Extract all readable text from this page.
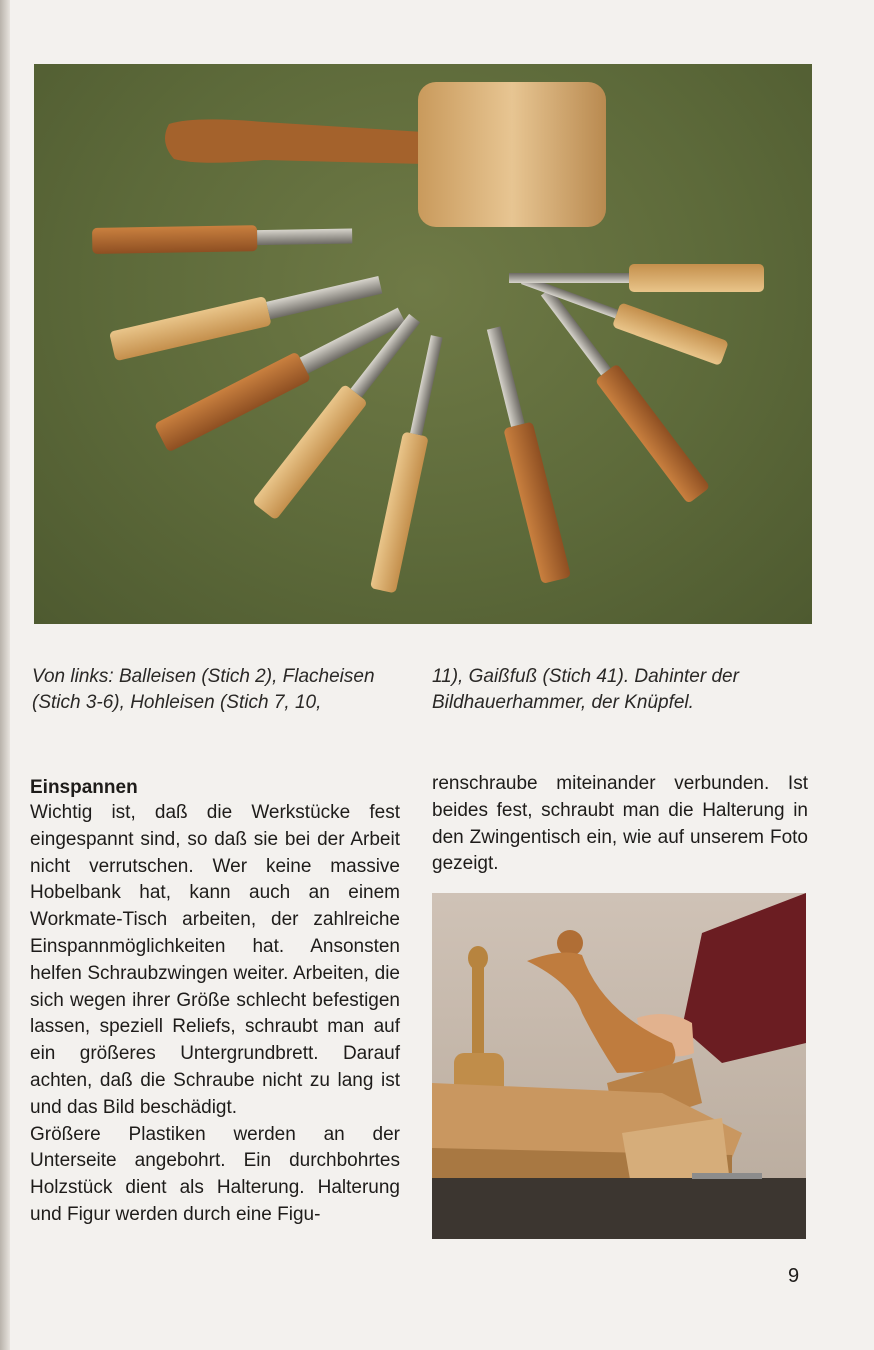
Von links: Balleisen (Stich 2), Flacheisen (Stich 3-6), Hohleisen (Stich 7, 10,
11), Gaißfuß (Stich 41). Dahinter der Bildhauerhammer, der Knüpfel.
Einspannen

Wichtig ist, daß die Werkstücke fest eingespannt sind, so daß sie bei der Arbeit nicht verrutschen. Wer keine massive Hobelbank hat, kann auch an einem Workmate-Tisch arbeiten, der zahlreiche Einspannmöglichkeiten hat. Ansonsten helfen Schraubzwingen weiter. Arbeiten, die sich wegen ihrer Größe schlecht befestigen lassen, speziell Reliefs, schraubt man auf ein größeres Untergrundbrett. Darauf achten, daß die Schraube nicht zu lang ist und das Bild beschädigt.

Größere Plastiken werden an der Unterseite angebohrt. Ein durchbohrtes Holzstück dient als Halterung. Halterung und Figur werden durch eine Figu-

renschraube miteinander verbunden. Ist beides fest, schraubt man die Halterung in den Zwingentisch ein, wie auf unserem Foto gezeigt.

9
